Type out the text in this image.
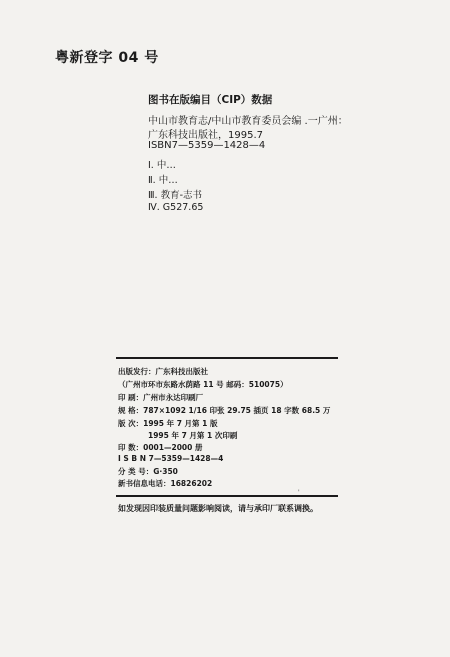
粤新登字 04 号
图书在版编目（CIP）数据
中山市教育志/中山市教育委员会编 .一广州：
广东科技出版社，1995.7
ISBN7—5359—1428—4
Ⅰ. 中…
Ⅱ. 中…
Ⅲ. 教育-志书
Ⅳ. G527.65
出版发行：广东科技出版社
（广州市环市东路水荫路 11 号 邮码：510075）
印 刷：广州市永达印刷厂
规 格：787×1092 1/16 印张 29.75 插页 18 字数 68.5 万
版 次：1995 年 7 月第 1 版
1995 年 7 月第 1 次印刷
印 数：0001—2000 册
I S B N 7—5359—1428—4
分 类 号：G·350
新书信息电话：16826202
'
如发现因印装质量问题影响阅读，请与承印厂联系调换。
